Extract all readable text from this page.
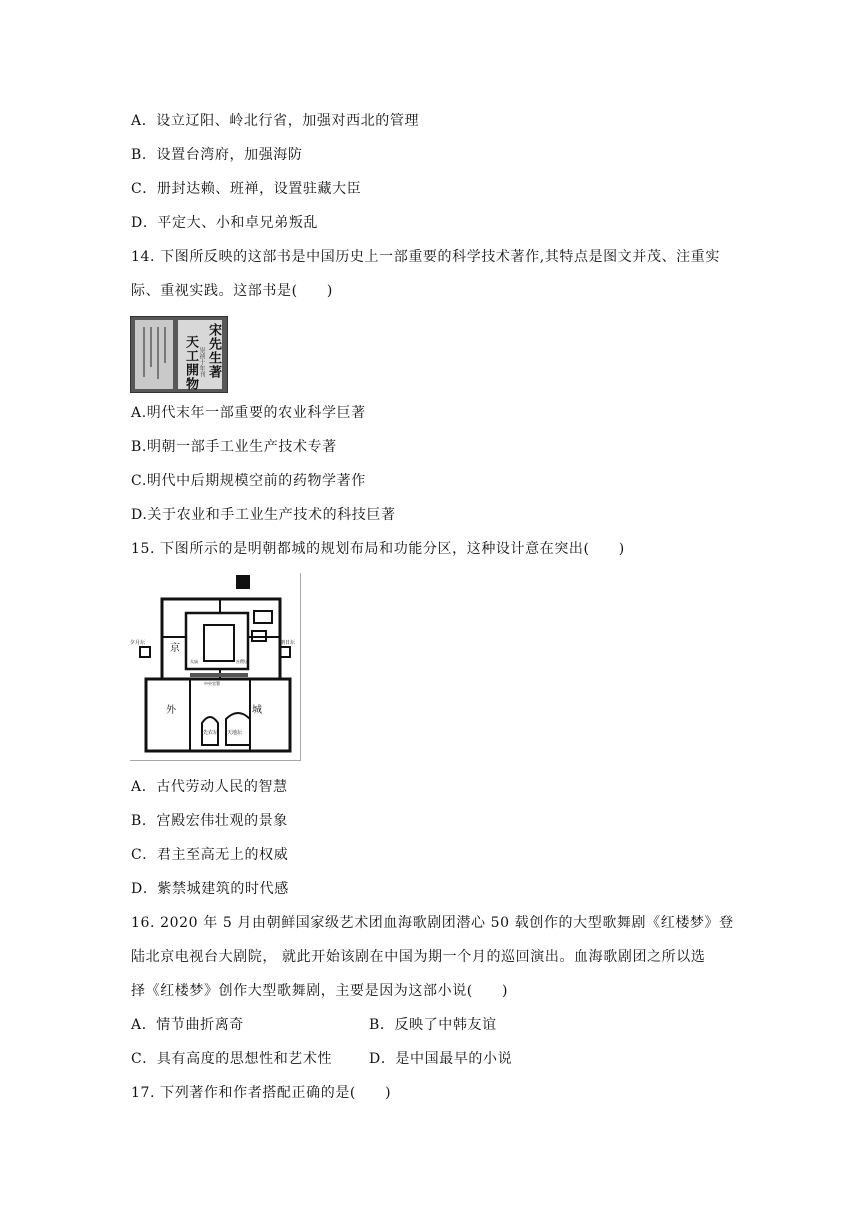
A．设立辽阳、岭北行省，加强对西北的管理
B．设置台湾府，加强海防
C．册封达赖、班禅，设置驻藏大臣
D．平定大、小和卓兄弟叛乱
14. 下图所反映的这部书是中国历史上一部重要的科学技术著作,其特点是图文并茂、注重实
际、重视实践。这部书是(　　)
宋先生著
崇祯十年刊
天工開物
A.明代末年一部重要的农业科学巨著
B.明朝一部手工业生产技术专著
C.明代中后期规模空前的药物学著作
D.关于农业和手工业生产技术的科技巨著
15. 下图所示的是明朝都城的规划布局和功能分区，这种设计意在突出(　　)
外	城
京
夕月坛	朝日坛
天地坛
先农坛
太庙	社稷坛
中央官署
A．古代劳动人民的智慧
B．宫殿宏伟壮观的景象
C．君主至高无上的权威
D．紫禁城建筑的时代感
16. 2020 年 5 月由朝鲜国家级艺术团血海歌剧团潜心 50 载创作的大型歌舞剧《红楼梦》登
陆北京电视台大剧院， 就此开始该剧在中国为期一个月的巡回演出。血海歌剧团之所以选
择《红楼梦》创作大型歌舞剧，主要是因为这部小说(　　)
A．情节曲折离奇	B．反映了中韩友谊
C．具有高度的思想性和艺术性	D．是中国最早的小说
17. 下列著作和作者搭配正确的是(　　)
